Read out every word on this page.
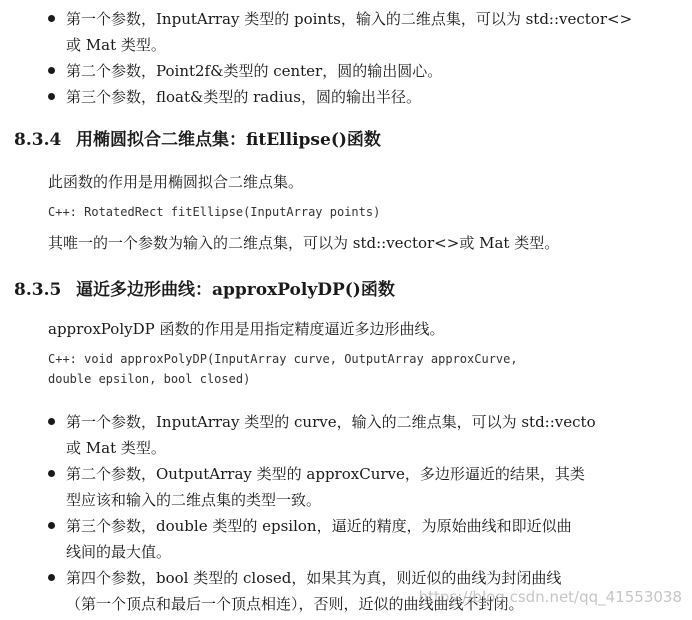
第一个参数，InputArray 类型的 points，输入的二维点集，可以为 std::vector<>
或 Mat 类型。
第二个参数，Point2f&类型的 center，圆的输出圆心。
第三个参数，float&类型的 radius，圆的输出半径。
8.3.4 用椭圆拟合二维点集：fitEllipse()函数
此函数的作用是用椭圆拟合二维点集。
C++: RotatedRect fitEllipse(InputArray points)
其唯一的一个参数为输入的二维点集，可以为 std::vector<>或 Mat 类型。
8.3.5 逼近多边形曲线：approxPolyDP()函数
approxPolyDP 函数的作用是用指定精度逼近多边形曲线。
C++: void approxPolyDP(InputArray curve, OutputArray approxCurve,
double epsilon, bool closed)
第一个参数，InputArray 类型的 curve，输入的二维点集，可以为 std::vecto
或 Mat 类型。
第二个参数，OutputArray 类型的 approxCurve，多边形逼近的结果，其类
型应该和输入的二维点集的类型一致。
第三个参数，double 类型的 epsilon，逼近的精度，为原始曲线和即近似曲
线间的最大值。
第四个参数，bool 类型的 closed，如果其为真，则近似的曲线为封闭曲线
（第一个顶点和最后一个顶点相连），否则，近似的曲线曲线不封闭。
https://blog.csdn.net/qq_41553038
